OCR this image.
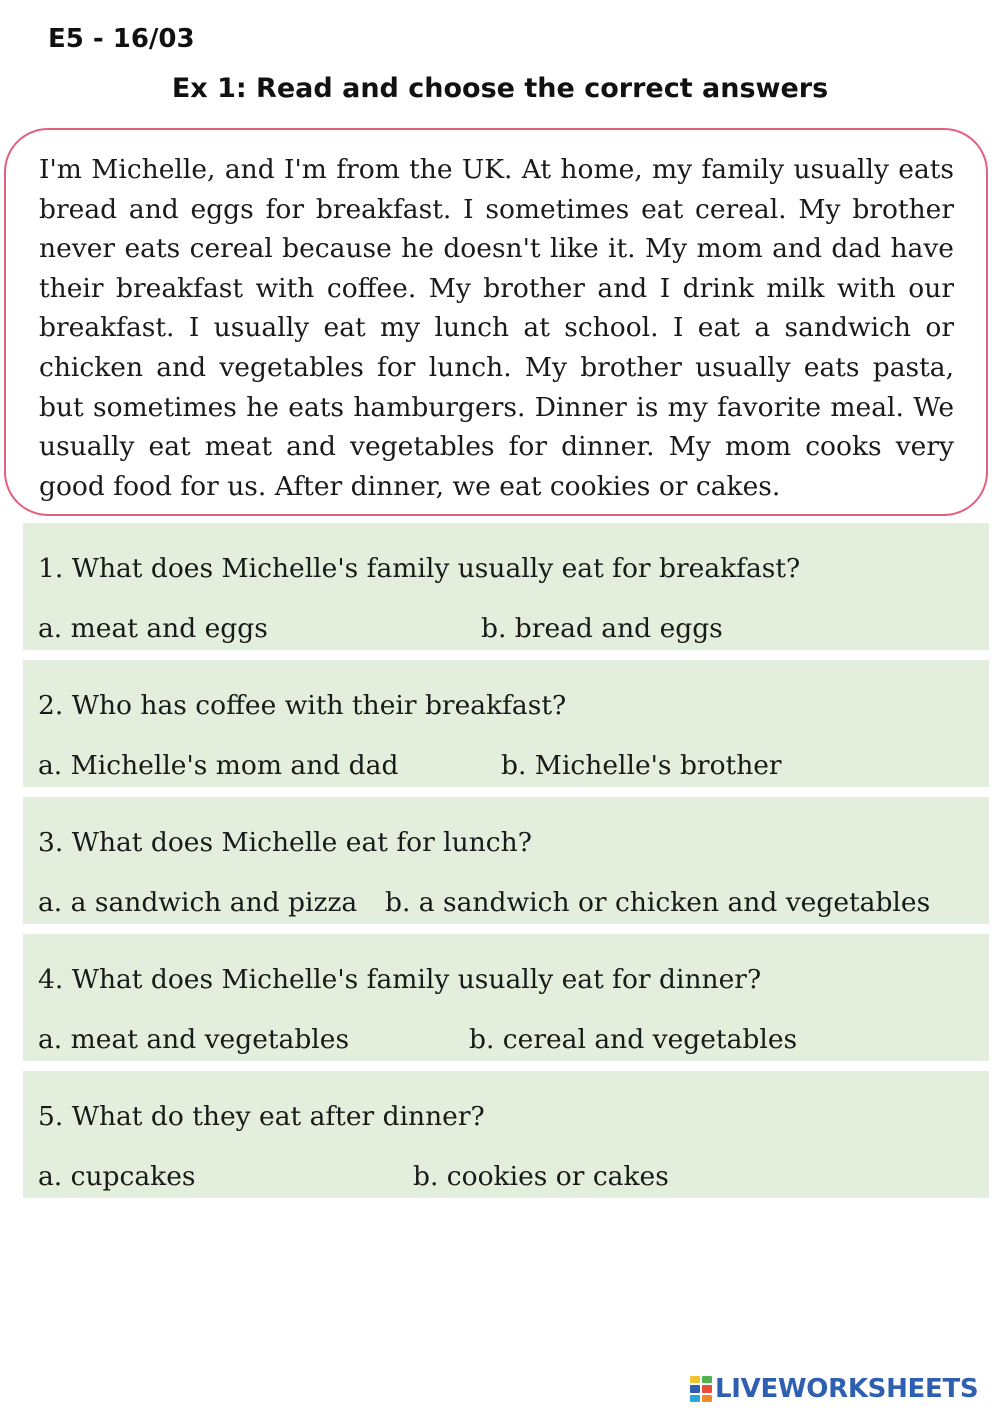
E5 - 16/03
Ex 1: Read and choose the correct answers

I'm Michelle, and I'm from the UK. At home, my family usually eats bread and eggs for breakfast. I sometimes eat cereal. My brother never eats cereal because he doesn't like it. My mom and dad have their breakfast with coffee. My brother and I drink milk with our breakfast. I usually eat my lunch at school. I eat a sandwich or chicken and vegetables for lunch. My brother usually eats pasta, but sometimes he eats hamburgers. Dinner is my favorite meal. We usually eat meat and vegetables for dinner. My mom cooks very good food for us. After dinner, we eat cookies or cakes.

1. What does Michelle's family usually eat for breakfast?
a. meat and eggs	b. bread and eggs
2. Who has coffee with their breakfast?
a. Michelle's mom and dad	b. Michelle's brother
3. What does Michelle eat for lunch?
a. a sandwich and pizza b. a sandwich or chicken and vegetables
4. What does Michelle's family usually eat for dinner?
a. meat and vegetables	b. cereal and vegetables
5. What do they eat after dinner?
a. cupcakes	b. cookies or cakes
LIVEWORKSHEETS
